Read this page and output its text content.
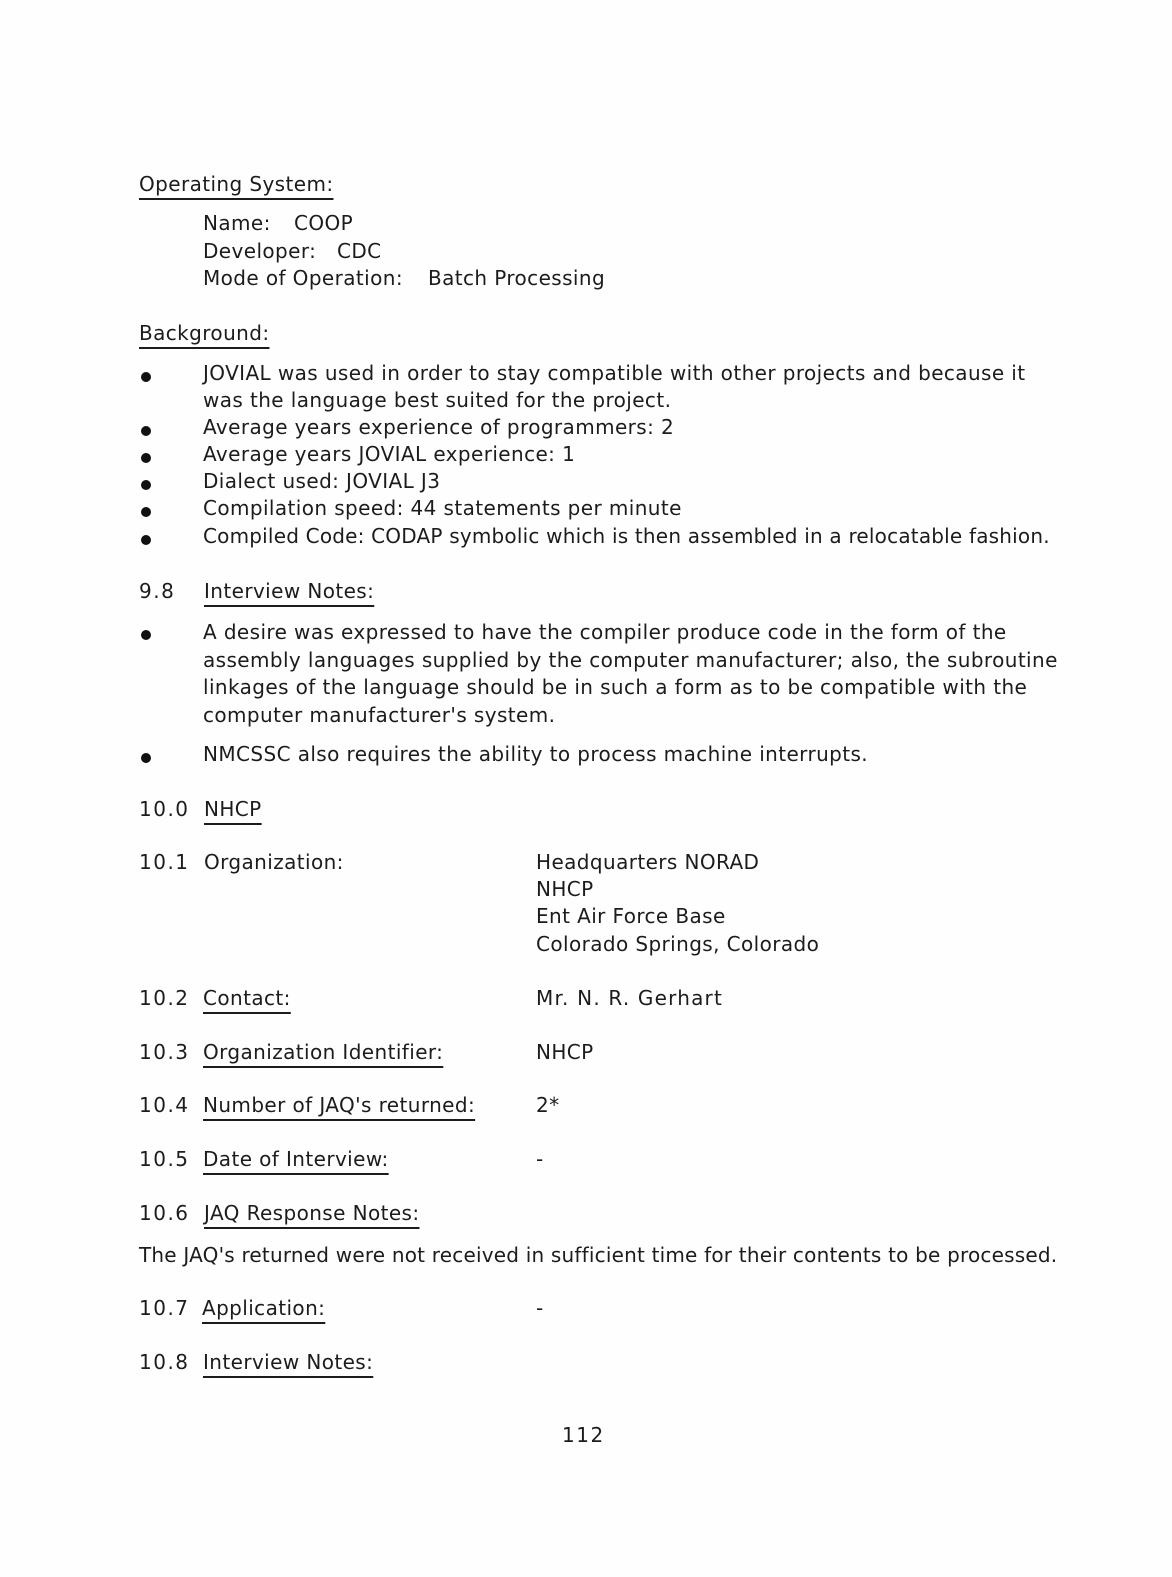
Operating System:
Name: COOP
Developer: CDC
Mode of Operation: Batch Processing
Background:
JOVIAL was used in order to stay compatible with other projects and because it
was the language best suited for the project.
Average years experience of programmers: 2
Average years JOVIAL experience: 1
Dialect used: JOVIAL J3
Compilation speed: 44 statements per minute
Compiled Code: CODAP symbolic which is then assembled in a relocatable fashion.
9.8 Interview Notes:
A desire was expressed to have the compiler produce code in the form of the
assembly languages supplied by the computer manufacturer; also, the subroutine
linkages of the language should be in such a form as to be compatible with the
computer manufacturer's system.
NMCSSC also requires the ability to process machine interrupts.
10.0 NHCP
10.1 Organization:	Headquarters NORAD
NHCP
Ent Air Force Base
Colorado Springs, Colorado
10.2 Contact:	Mr. N. R. Gerhart
10.3 Organization Identifier:	NHCP
10.4 Number of JAQ's returned:	2*
10.5 Date of Interview:	-
10.6 JAQ Response Notes:
The JAQ's returned were not received in sufficient time for their contents to be processed.
10.7 Application:	-
10.8 Interview Notes:
112
